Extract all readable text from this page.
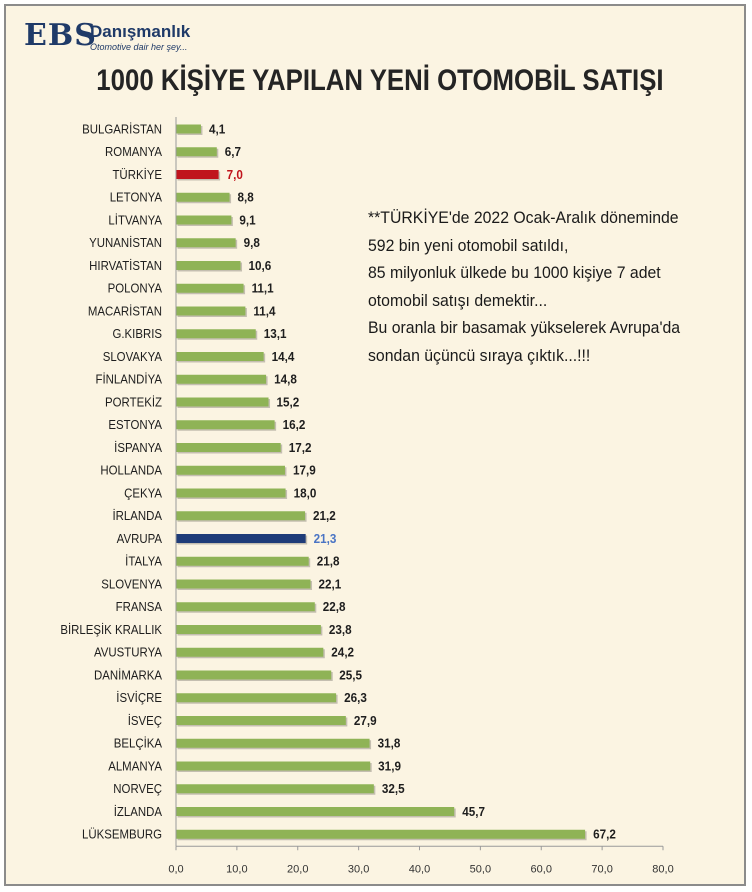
EBS
Danışmanlık
Otomotive dair her şey...
1000 KİŞİYE YAPILAN YENİ OTOMOBİL SATIŞI
BULGARİSTAN	4,1
ROMANYA	6,7
TÜRKİYE	7,0
LETONYA	8,8
LİTVANYA	9,1
YUNANİSTAN	9,8
HIRVATİSTAN	10,6
POLONYA	11,1
MACARİSTAN	11,4
G.KIBRIS	13,1
SLOVAKYA	14,4
FİNLANDİYA	14,8
PORTEKİZ	15,2
ESTONYA	16,2
İSPANYA	17,2
HOLLANDA	17,9
ÇEKYA	18,0
İRLANDA	21,2
AVRUPA	21,3
İTALYA	21,8
SLOVENYA	22,1
FRANSA	22,8
BİRLEŞİK KRALLIK	23,8
AVUSTURYA	24,2
DANİMARKA	25,5
İSVİÇRE	26,3
İSVEÇ	27,9
BELÇİKA	31,8
ALMANYA	31,9
NORVEÇ	32,5
İZLANDA	45,7
LÜKSEMBURG	67,2
0,0	10,0	20,0	30,0	40,0	50,0	60,0	70,0	80,0
**TÜRKİYE'de 2022 Ocak-Aralık döneminde
592 bin yeni otomobil satıldı,
85 milyonluk ülkede bu 1000 kişiye 7 adet
otomobil satışı demektir...
Bu oranla bir basamak yükselerek Avrupa'da
sondan üçüncü sıraya çıktık...!!!
